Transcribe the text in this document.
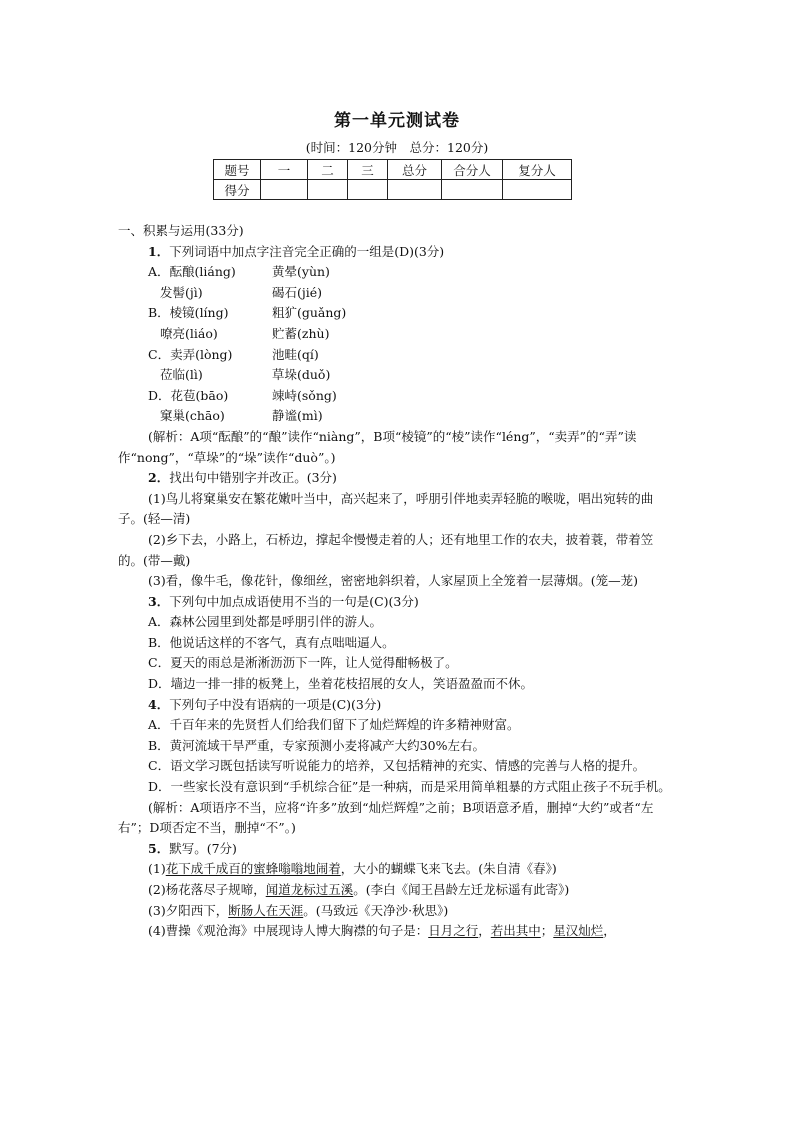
第一单元测试卷
(时间：120分钟　总分：120分)
题号	一	二	三	总分	合分人	复分人
得分						

一、积累与运用(33分)

1．下列词语中加点字注音完全正确的一组是(D)(3分)

A．酝酿(liáng)	黄晕(yùn)

发髻(jì)	碣石(jié)

B．棱镜(líng)	粗犷(guǎng)

嘹亮(liáo)	贮蓄(zhù)

C．卖弄(lòng)	池畦(qí)

莅临(lì)	草垛(duǒ)

D．花苞(bāo)	竦峙(sǒng)

窠巢(chāo)	静谧(mì)

(解析：A项“酝酿”的“酿”读作“niàng”，B项“棱镜”的“棱”读作“léng”，“卖弄”的“弄”读作“nong”，“草垛”的“垛”读作“duò”。)

2．找出句中错别字并改正。(3分)

(1)鸟儿将窠巢安在繁花嫩叶当中，高兴起来了，呼朋引伴地卖弄轻脆的喉咙，唱出宛转的曲子。(轻—清)

(2)乡下去，小路上，石桥边，撑起伞慢慢走着的人；还有地里工作的农夫，披着蓑，带着笠的。(带—戴)

(3)看，像牛毛，像花针，像细丝，密密地斜织着，人家屋顶上全笼着一层薄烟。(笼—茏)

3．下列句中加点成语使用不当的一句是(C)(3分)

A．森林公园里到处都是呼朋引伴的游人。

B．他说话这样的不客气，真有点咄咄逼人。

C．夏天的雨总是淅淅沥沥下一阵，让人觉得酣畅极了。

D．墙边一排一排的板凳上，坐着花枝招展的女人，笑语盈盈而不休。

4．下列句子中没有语病的一项是(C)(3分)

A．千百年来的先贤哲人们给我们留下了灿烂辉煌的许多精神财富。

B．黄河流域干旱严重，专家预测小麦将减产大约30%左右。

C．语文学习既包括读写听说能力的培养，又包括精神的充实、情感的完善与人格的提升。

D．一些家长没有意识到“手机综合征”是一种病，而是采用简单粗暴的方式阻止孩子不玩手机。

(解析：A项语序不当，应将“许多”放到“灿烂辉煌”之前；B项语意矛盾，删掉“大约”或者“左右”；D项否定不当，删掉“不”。)

5．默写。(7分)

(1)花下成千成百的蜜蜂嗡嗡地闹着，大小的蝴蝶飞来飞去。(朱自清《春》)

(2)杨花落尽子规啼，闻道龙标过五溪。(李白《闻王昌龄左迁龙标遥有此寄》)

(3)夕阳西下，断肠人在天涯。(马致远《天净沙·秋思》)

(4)曹操《观沧海》中展现诗人博大胸襟的句子是：日月之行，若出其中；星汉灿烂，
